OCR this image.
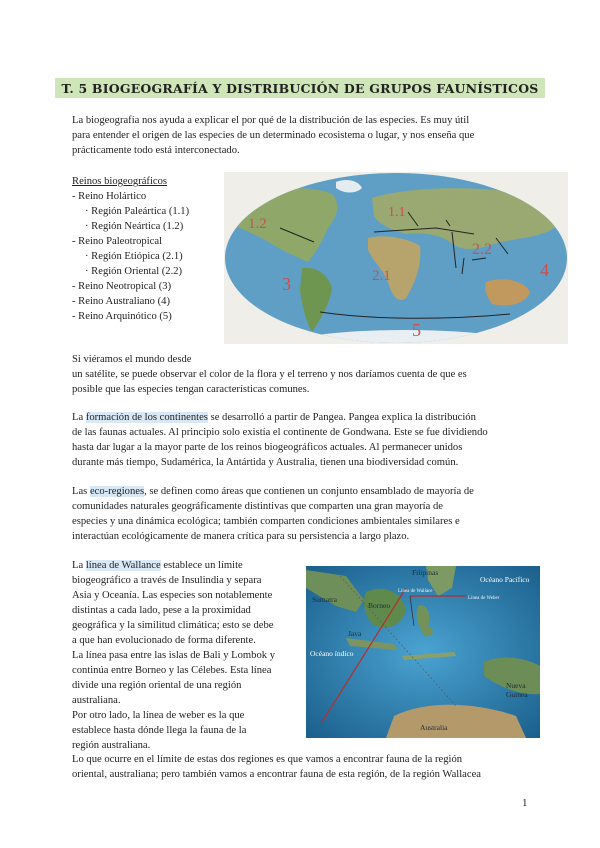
T. 5 BIOGEOGRAFÍA Y DISTRIBUCIÓN DE GRUPOS FAUNÍSTICOS
La biogeografía nos ayuda a explicar el por qué de la distribución de las especies. Es muy útil
para entender el origen de las especies de un determinado ecosistema o lugar, y nos enseña que
prácticamente todo está interconectado.
Reinos biogeográficos
- Reino Holártico
· Región Paleártica (1.1)
· Región Neártica (1.2)
- Reino Paleotropical
· Región Etiópica (2.1)
· Región Oriental (2.2)
- Reino Neotropical (3)
- Reino Australiano (4)
- Reino Arquinótico (5)
1.2
1.1
3	2.1
2.2
4
5
Si viéramos el mundo desde
un satélite, se puede observar el color de la flora y el terreno y nos daríamos cuenta de que es
posible que las especies tengan características comunes.
La formación de los continentes se desarrolló a partir de Pangea. Pangea explica la distribución
de las faunas actuales. Al principio solo existía el continente de Gondwana. Este se fue dividiendo
hasta dar lugar a la mayor parte de los reinos biogeográficos actuales. Al permanecer unidos
durante más tiempo, Sudamérica, la Antártida y Australia, tienen una biodiversidad común.
Las eco-regiones, se definen como áreas que contienen un conjunto ensamblado de mayoría de
comunidades naturales geográficamente distintivas que comparten una gran mayoría de
especies y una dinámica ecológica; también comparten condiciones ambientales similares e
interactúan ecológicamente de manera crítica para su persistencia a largo plazo.
La línea de Wallance establece un límite
biogeográfico a través de Insulindia y separa
Asia y Oceanía. Las especies son notablemente
distintas a cada lado, pese a la proximidad
geográfica y la similitud climática; esto se debe
a que han evolucionado de forma diferente.
La línea pasa entre las islas de Bali y Lombok y
continúa entre Borneo y las Célebes. Esta línea
divide una región oriental de una región
australiana.
Por otro lado, la línea de weber es la que
establece hasta dónde llega la fauna de la
región australiana.
Filipinas
Océano Pacífico
Sumatra
Borneo
Java
Océano índico
Nueva
Guinea
Australia
Línea de Wallace
Línea de Weber
Lo que ocurre en el límite de estas dos regiones es que vamos a encontrar fauna de la región
oriental, australiana; pero también vamos a encontrar fauna de esta región, de la región Wallacea
1
